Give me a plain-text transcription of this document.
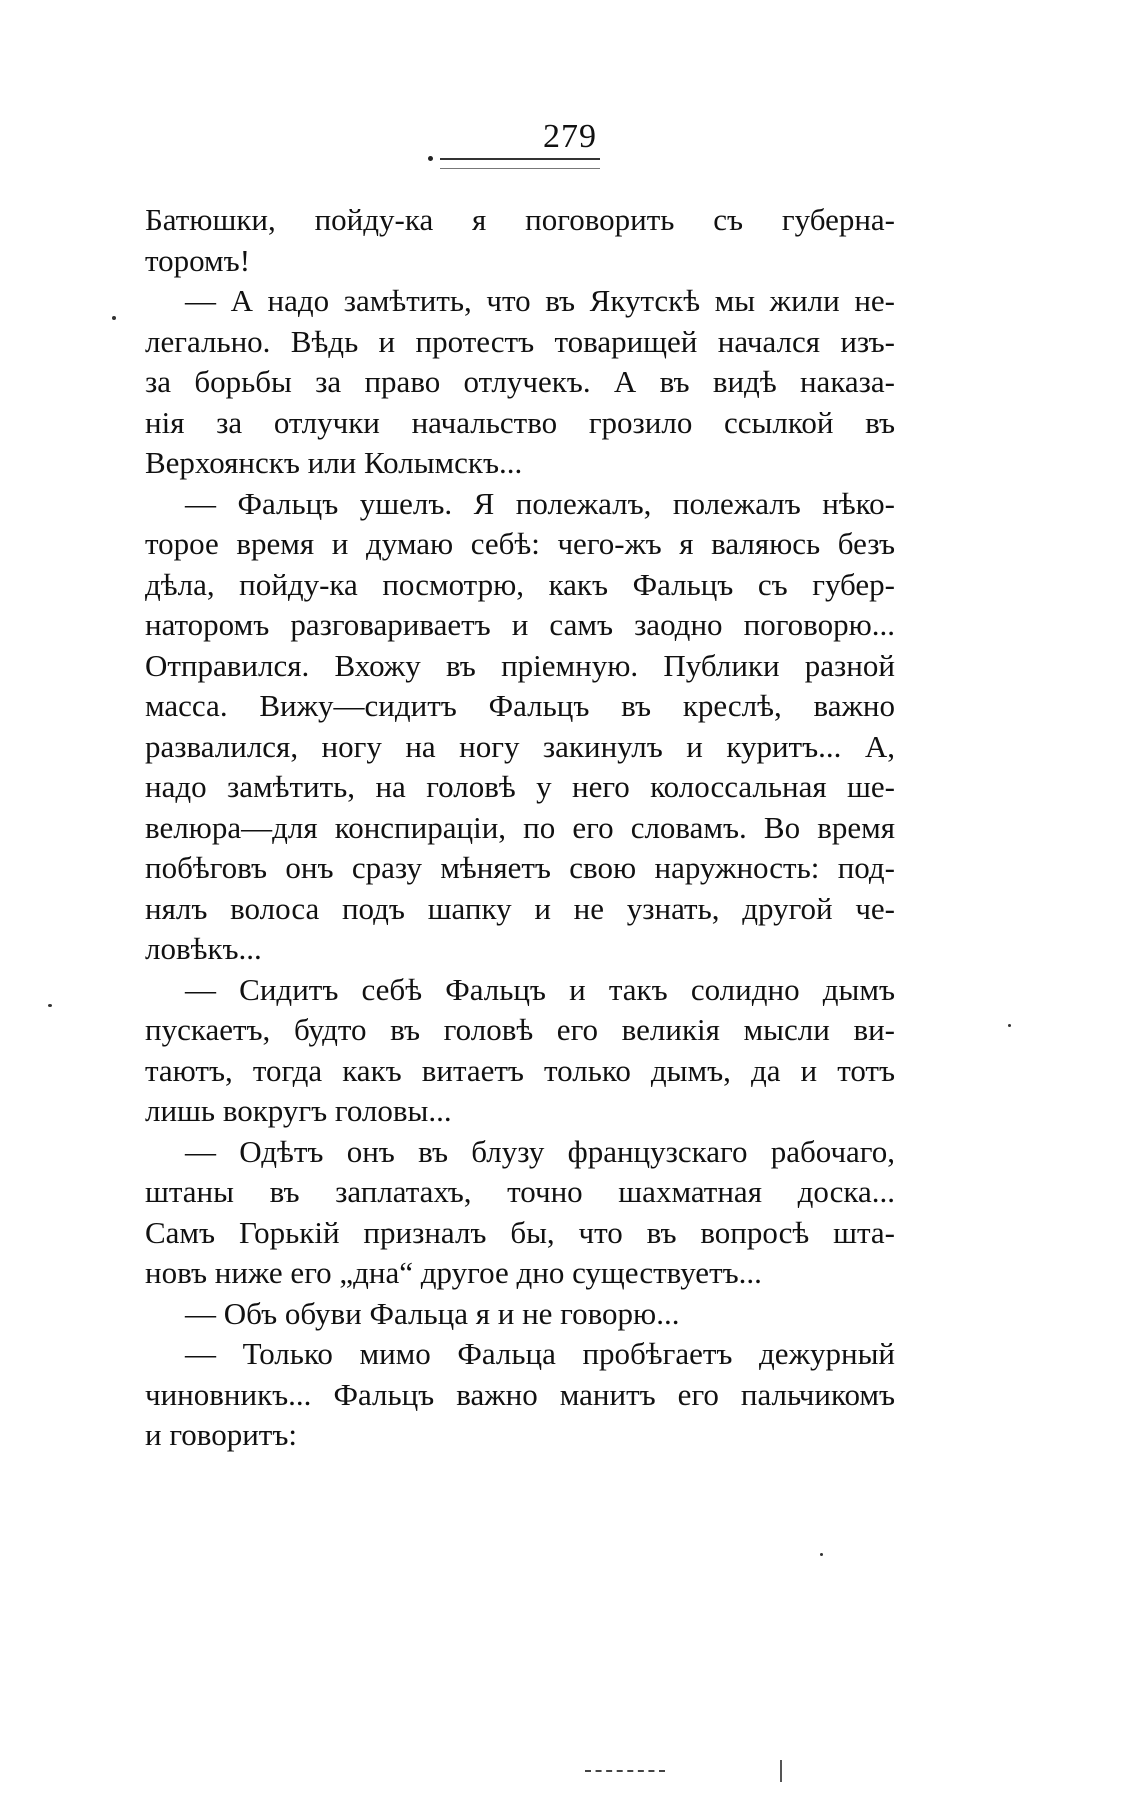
279
Батюшки, пойду-ка я поговорить съ губерна-
торомъ!
— А надо замѣтить, что въ Якутскѣ мы жили не-
легально. Вѣдь и протестъ товарищей начался изъ-
за борьбы за право отлучекъ. А въ видѣ наказа-
нія за отлучки начальство грозило ссылкой въ
Верхоянскъ или Колымскъ...
— Фальцъ ушелъ. Я полежалъ, полежалъ нѣко-
торое время и думаю себѣ: чего-жъ я валяюсь безъ
дѣла, пойду-ка посмотрю, какъ Фальцъ съ губер-
наторомъ разговариваетъ и самъ заодно поговорю...
Отправился. Вхожу въ пріемную. Публики разной
масса. Вижу—сидитъ Фальцъ въ креслѣ, важно
развалился, ногу на ногу закинулъ и куритъ... А,
надо замѣтить, на головѣ у него колоссальная ше-
велюра—для конспираціи, по его словамъ. Во время
побѣговъ онъ сразу мѣняетъ свою наружность: под-
нялъ волоса подъ шапку и не узнать, другой че-
ловѣкъ...
— Сидитъ себѣ Фальцъ и такъ солидно дымъ
пускаетъ, будто въ головѣ его великія мысли ви-
таютъ, тогда какъ витаетъ только дымъ, да и тотъ
лишь вокругъ головы...
— Одѣтъ онъ въ блузу французскаго рабочаго,
штаны въ заплатахъ, точно шахматная доска...
Самъ Горькій призналъ бы, что въ вопросѣ шта-
новъ ниже его „дна“ другое дно существуетъ...
— Объ обуви Фальца я и не говорю...
— Только мимо Фальца пробѣгаетъ дежурный
чиновникъ... Фальцъ важно манитъ его пальчикомъ
и говоритъ:
